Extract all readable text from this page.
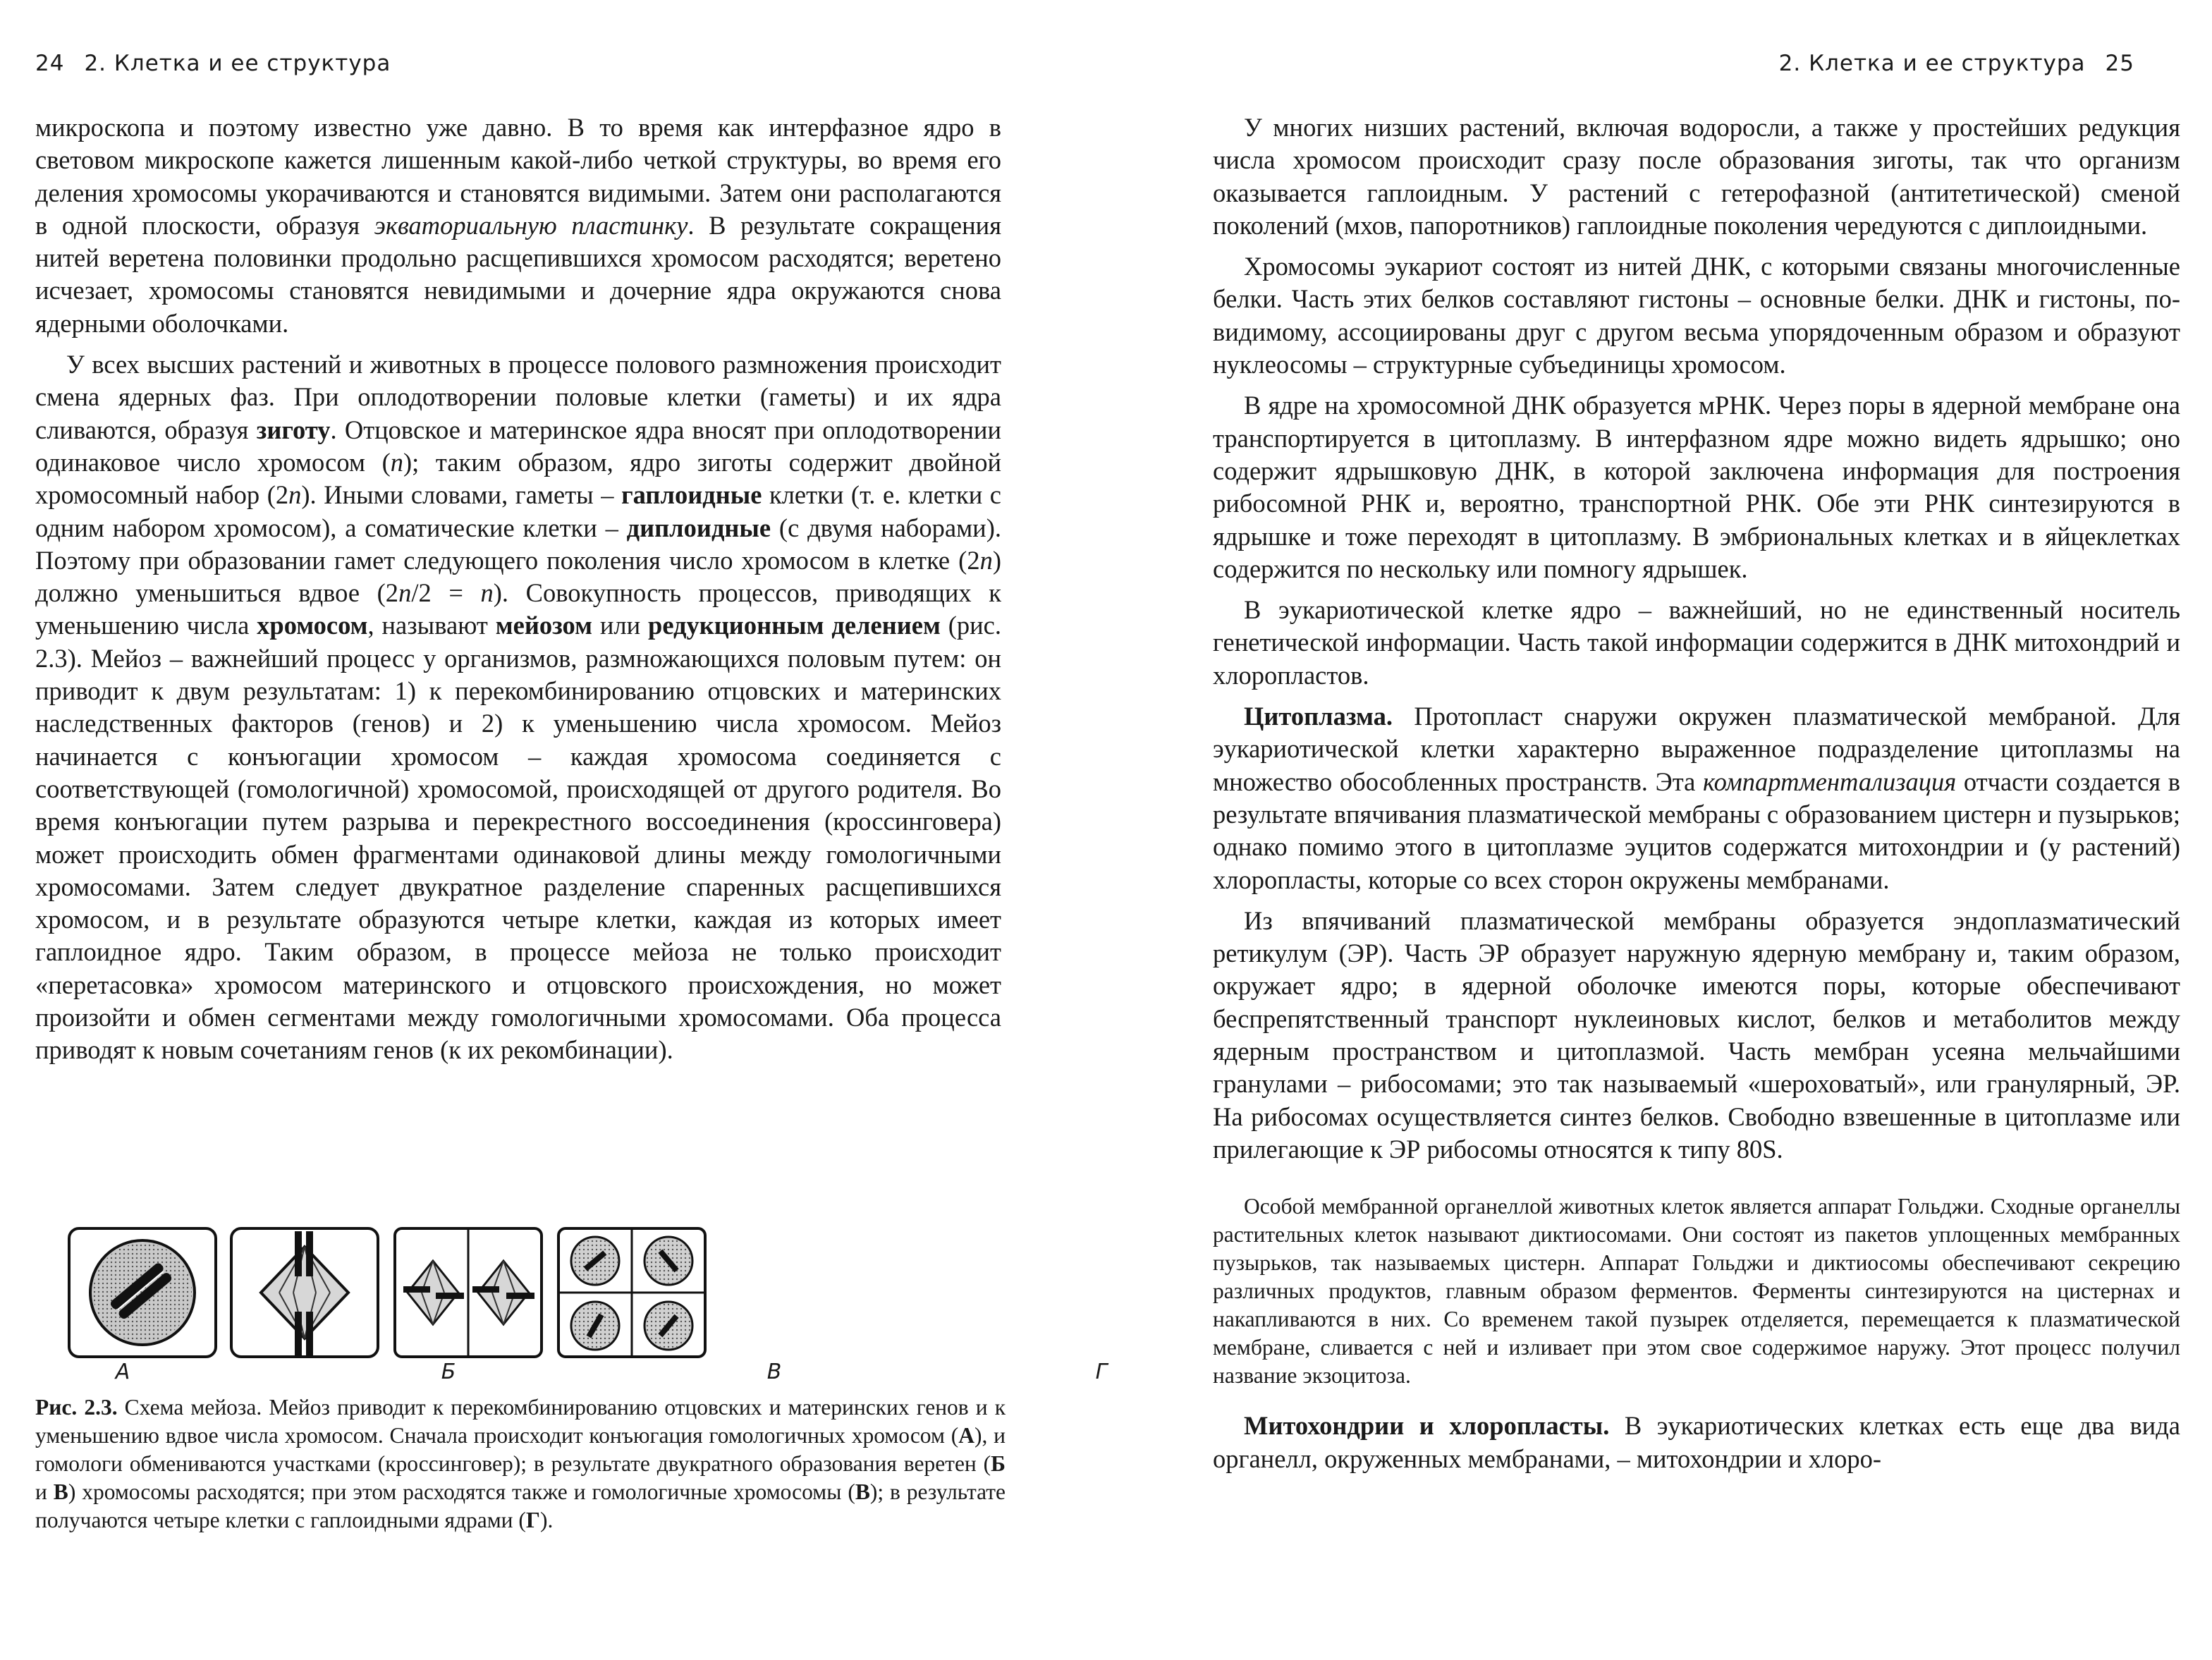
24 2. Клетка и ее структура

микроскопа и поэтому известно уже давно. В то время как интерфазное ядро в световом микроскопе кажется лишенным какой-либо четкой структуры, во время его деления хромосомы укорачиваются и становятся видимыми. Затем они располагаются в одной плоскости, образуя экваториальную пластинку. В результате сокращения нитей веретена половинки продольно расщепившихся хромосом расходятся; веретено исчезает, хромосомы становятся невидимыми и дочерние ядра окружаются снова ядерными оболочками.

У всех высших растений и животных в процессе полового размножения происходит смена ядерных фаз. При оплодотворении половые клетки (гаметы) и их ядра сливаются, образуя зиготу. Отцовское и материнское ядра вносят при оплодотворении одинаковое число хромосом (n); таким образом, ядро зиготы содержит двойной хромосомный набор (2n). Иными словами, гаметы – гаплоидные клетки (т. е. клетки с одним набором хромосом), а соматические клетки – диплоидные (с двумя наборами). Поэтому при образовании гамет следующего поколения число хромосом в клетке (2n) должно уменьшиться вдвое (2n/2 = n). Совокупность процессов, приводящих к уменьшению числа хромосом, называют мейозом или редукционным делением (рис. 2.3). Мейоз – важнейший процесс у организмов, размножающихся половым путем: он приводит к двум результатам: 1) к перекомбинированию отцовских и материнских наследственных факторов (генов) и 2) к уменьшению числа хромосом. Мейоз начинается с конъюгации хромосом – каждая хромосома соединяется с соответствующей (гомологичной) хромосомой, происходящей от другого родителя. Во время конъюгации путем разрыва и перекрестного воссоединения (кроссинговера) может происходить обмен фрагментами одинаковой длины между гомологичными хромосомами. Затем следует двукратное разделение спаренных расщепившихся хромосом, и в результате образуются четыре клетки, каждая из которых имеет гаплоидное ядро. Таким образом, в процессе мейоза не только происходит «перетасовка» хромосом материнского и отцовского происхождения, но может произойти и обмен сегментами между гомологичными хромосомами. Оба процесса приводят к новым сочетаниям генов (к их рекомбинации).

А	Б	В	Г
Рис. 2.3. Схема мейоза. Мейоз приводит к перекомбинированию отцовских и материнских генов и к уменьшению вдвое числа хромосом. Сначала происходит конъюгация гомологичных хромосом (А), и гомологи обмениваются участками (кроссинговер); в результате двукратного образования веретен (Б и В) хромосомы расходятся; при этом расходятся также и гомологичные хромосомы (В); в результате получаются четыре клетки с гаплоидными ядрами (Г).
2. Клетка и ее структура 25

У многих низших растений, включая водоросли, а также у простейших редукция числа хромосом происходит сразу после образования зиготы, так что организм оказывается гаплоидным. У растений с гетерофазной (антитетической) сменой поколений (мхов, папоротников) гаплоидные поколения чередуются с диплоидными.

Хромосомы эукариот состоят из нитей ДНК, с которыми связаны многочисленные белки. Часть этих белков составляют гистоны – основные белки. ДНК и гистоны, по-видимому, ассоциированы друг с другом весьма упорядоченным образом и образуют нуклеосомы – структурные субъединицы хромосом.

В ядре на хромосомной ДНК образуется мРНК. Через поры в ядерной мембране она транспортируется в цитоплазму. В интерфазном ядре можно видеть ядрышко; оно содержит ядрышковую ДНК, в которой заключена информация для построения рибосомной РНК и, вероятно, транспортной РНК. Обе эти РНК синтезируются в ядрышке и тоже переходят в цитоплазму. В эмбриональных клетках и в яйцеклетках содержится по нескольку или помногу ядрышек.

В эукариотической клетке ядро – важнейший, но не единственный носитель генетической информации. Часть такой информации содержится в ДНК митохондрий и хлоропластов.

Цитоплазма. Протопласт снаружи окружен плазматической мембраной. Для эукариотической клетки характерно выраженное подразделение цитоплазмы на множество обособленных пространств. Эта компартментализация отчасти создается в результате впячивания плазматической мембраны с образованием цистерн и пузырьков; однако помимо этого в цитоплазме эуцитов содержатся митохондрии и (у растений) хлоропласты, которые со всех сторон окружены мембранами.

Из впячиваний плазматической мембраны образуется эндоплазматический ретикулум (ЭР). Часть ЭР образует наружную ядерную мембрану и, таким образом, окружает ядро; в ядерной оболочке имеются поры, которые обеспечивают беспрепятственный транспорт нуклеиновых кислот, белков и метаболитов между ядерным пространством и цитоплазмой. Часть мембран усеяна мельчайшими гранулами – рибосомами; это так называемый «шероховатый», или гранулярный, ЭР. На рибосомах осуществляется синтез белков. Свободно взвешенные в цитоплазме или прилегающие к ЭР рибосомы относятся к типу 80S.

Особой мембранной органеллой животных клеток является аппарат Гольджи. Сходные органеллы растительных клеток называют диктиосомами. Они состоят из пакетов уплощенных мембранных пузырьков, так называемых цистерн. Аппарат Гольджи и диктиосомы обеспечивают секрецию различных продуктов, главным образом ферментов. Ферменты синтезируются на цистернах и накапливаются в них. Со временем такой пузырек отделяется, перемещается к плазматической мембране, сливается с ней и изливает при этом свое содержимое наружу. Этот процесс получил название экзоцитоза.

Митохондрии и хлоропласты. В эукариотических клетках есть еще два вида органелл, окруженных мембранами, – митохондрии и хлоро-
